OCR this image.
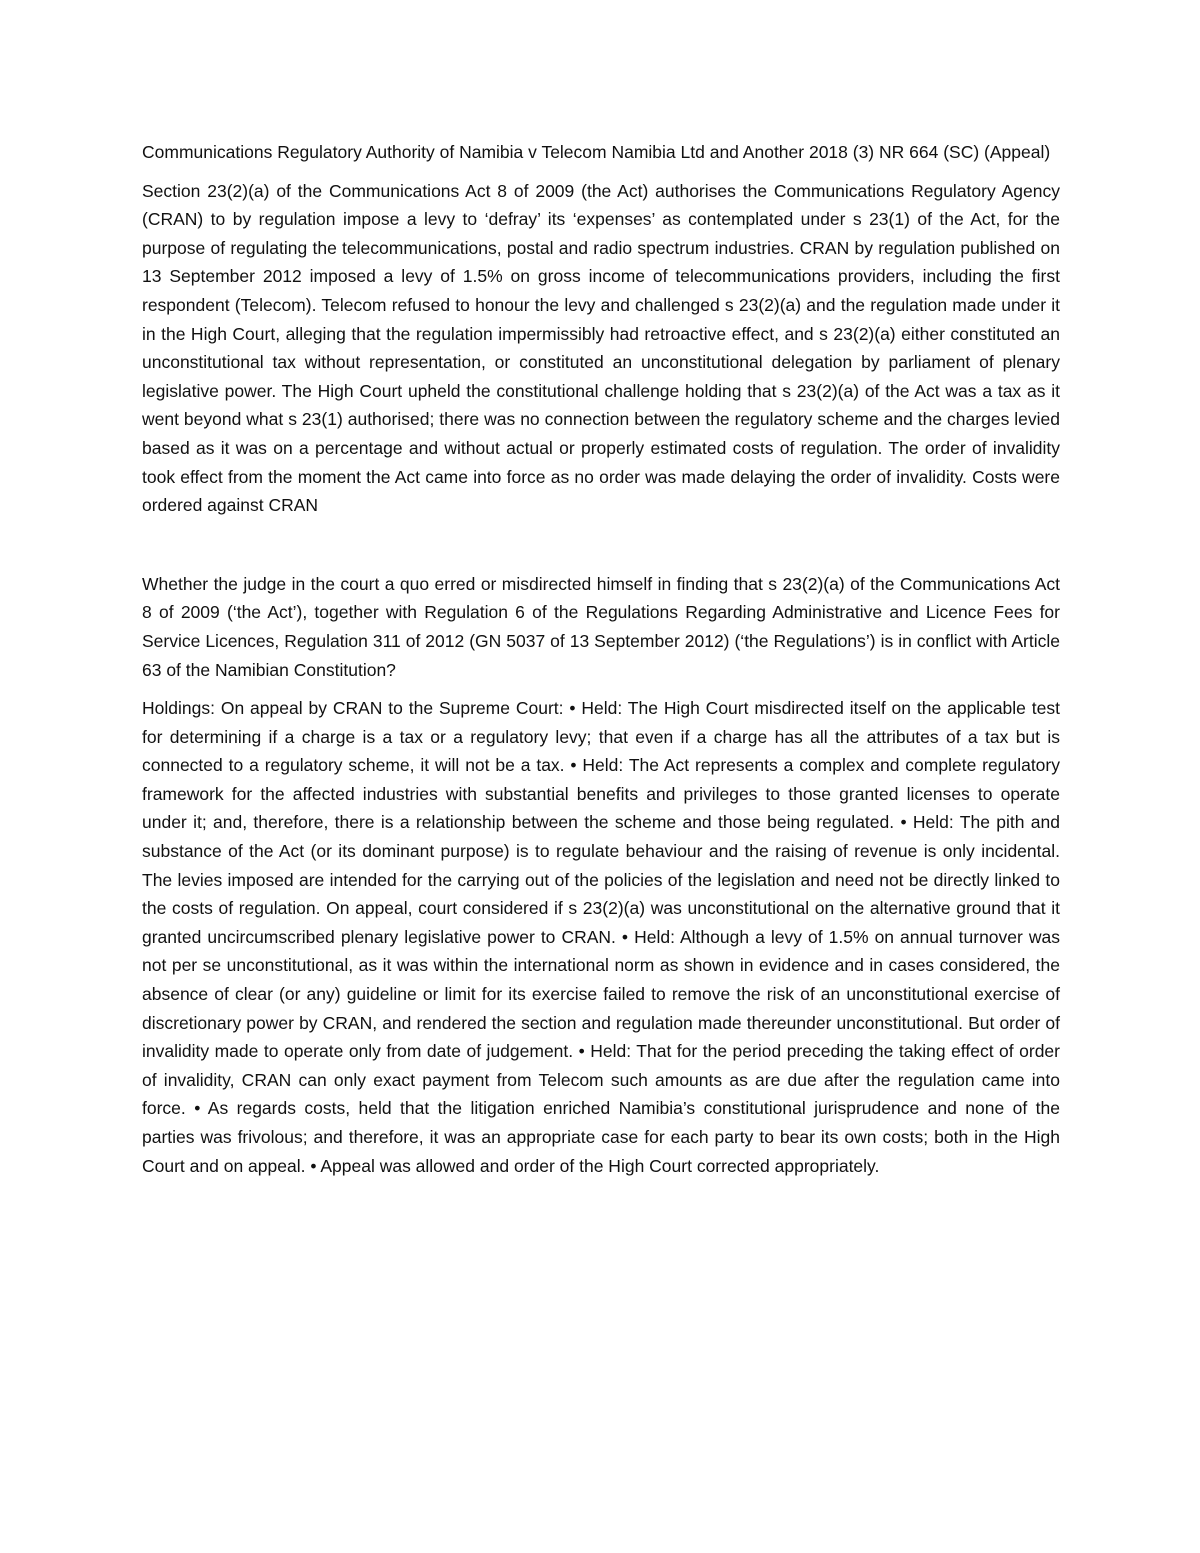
Communications Regulatory Authority of Namibia v Telecom Namibia Ltd and Another 2018 (3) NR 664 (SC) (Appeal)

Section 23(2)(a) of the Communications Act 8 of 2009 (the Act) authorises the Communications Regulatory Agency (CRAN) to by regulation impose a levy to ‘defray’ its ‘expenses’ as contemplated under s 23(1) of the Act, for the purpose of regulating the telecommunications, postal and radio spectrum industries. CRAN by regulation published on 13 September 2012 imposed a levy of 1.5% on gross income of telecommunications providers, including the first respondent (Telecom). Telecom refused to honour the levy and challenged s 23(2)(a) and the regulation made under it in the High Court, alleging that the regulation impermissibly had retroactive effect, and s 23(2)(a) either constituted an unconstitutional tax without representation, or constituted an unconstitutional delegation by parliament of plenary legislative power. The High Court upheld the constitutional challenge holding that s 23(2)(a) of the Act was a tax as it went beyond what s 23(1) authorised; there was no connection between the regulatory scheme and the charges levied based as it was on a percentage and without actual or properly estimated costs of regulation. The order of invalidity took effect from the moment the Act came into force as no order was made delaying the order of invalidity. Costs were ordered against CRAN

Whether the judge in the court a quo erred or misdirected himself in finding that s 23(2)(a) of the Communications Act 8 of 2009 (‘the Act’), together with Regulation 6 of the Regulations Regarding Administrative and Licence Fees for Service Licences, Regulation 311 of 2012 (GN 5037 of 13 September 2012) (‘the Regulations’) is in conflict with Article 63 of the Namibian Constitution?

Holdings: On appeal by CRAN to the Supreme Court: • Held: The High Court misdirected itself on the applicable test for determining if a charge is a tax or a regulatory levy; that even if a charge has all the attributes of a tax but is connected to a regulatory scheme, it will not be a tax. • Held: The Act represents a complex and complete regulatory framework for the affected industries with substantial benefits and privileges to those granted licenses to operate under it; and, therefore, there is a relationship between the scheme and those being regulated. • Held: The pith and substance of the Act (or its dominant purpose) is to regulate behaviour and the raising of revenue is only incidental. The levies imposed are intended for the carrying out of the policies of the legislation and need not be directly linked to the costs of regulation. On appeal, court considered if s 23(2)(a) was unconstitutional on the alternative ground that it granted uncircumscribed plenary legislative power to CRAN. • Held: Although a levy of 1.5% on annual turnover was not per se unconstitutional, as it was within the international norm as shown in evidence and in cases considered, the absence of clear (or any) guideline or limit for its exercise failed to remove the risk of an unconstitutional exercise of discretionary power by CRAN, and rendered the section and regulation made thereunder unconstitutional. But order of invalidity made to operate only from date of judgement. • Held: That for the period preceding the taking effect of order of invalidity, CRAN can only exact payment from Telecom such amounts as are due after the regulation came into force. • As regards costs, held that the litigation enriched Namibia’s constitutional jurisprudence and none of the parties was frivolous; and therefore, it was an appropriate case for each party to bear its own costs; both in the High Court and on appeal. • Appeal was allowed and order of the High Court corrected appropriately.
